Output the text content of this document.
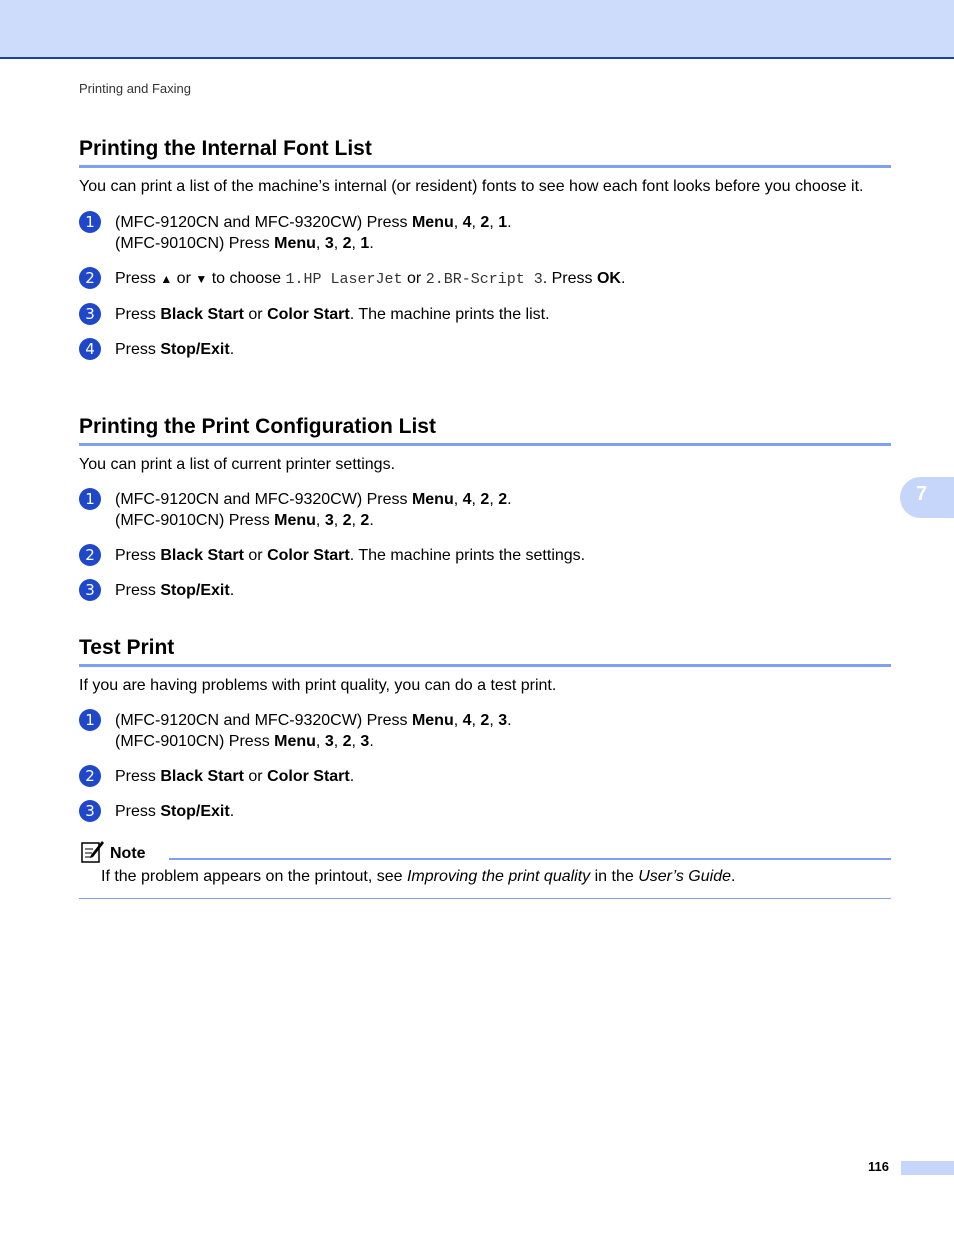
Printing and Faxing
7
Printing the Internal Font List

You can print a list of the machine’s internal (or resident) fonts to see how each font looks before you choose it.

1	(MFC-9120CN and MFC-9320CW) Press Menu, 4, 2, 1.
(MFC-9010CN) Press Menu, 3, 2, 1.
2	Press ▲ or ▼ to choose 1.HP LaserJet or 2.BR-Script 3. Press OK.
3	Press Black Start or Color Start. The machine prints the list.
4	Press Stop/Exit.
Printing the Print Configuration List

You can print a list of current printer settings.

1	(MFC-9120CN and MFC-9320CW) Press Menu, 4, 2, 2.
(MFC-9010CN) Press Menu, 3, 2, 2.
2	Press Black Start or Color Start. The machine prints the settings.
3	Press Stop/Exit.
Test Print

If you are having problems with print quality, you can do a test print.

1	(MFC-9120CN and MFC-9320CW) Press Menu, 4, 2, 3.
(MFC-9010CN) Press Menu, 3, 2, 3.
2	Press Black Start or Color Start.
3	Press Stop/Exit.
Note
If the problem appears on the printout, see Improving the print quality in the User’s Guide.
116
